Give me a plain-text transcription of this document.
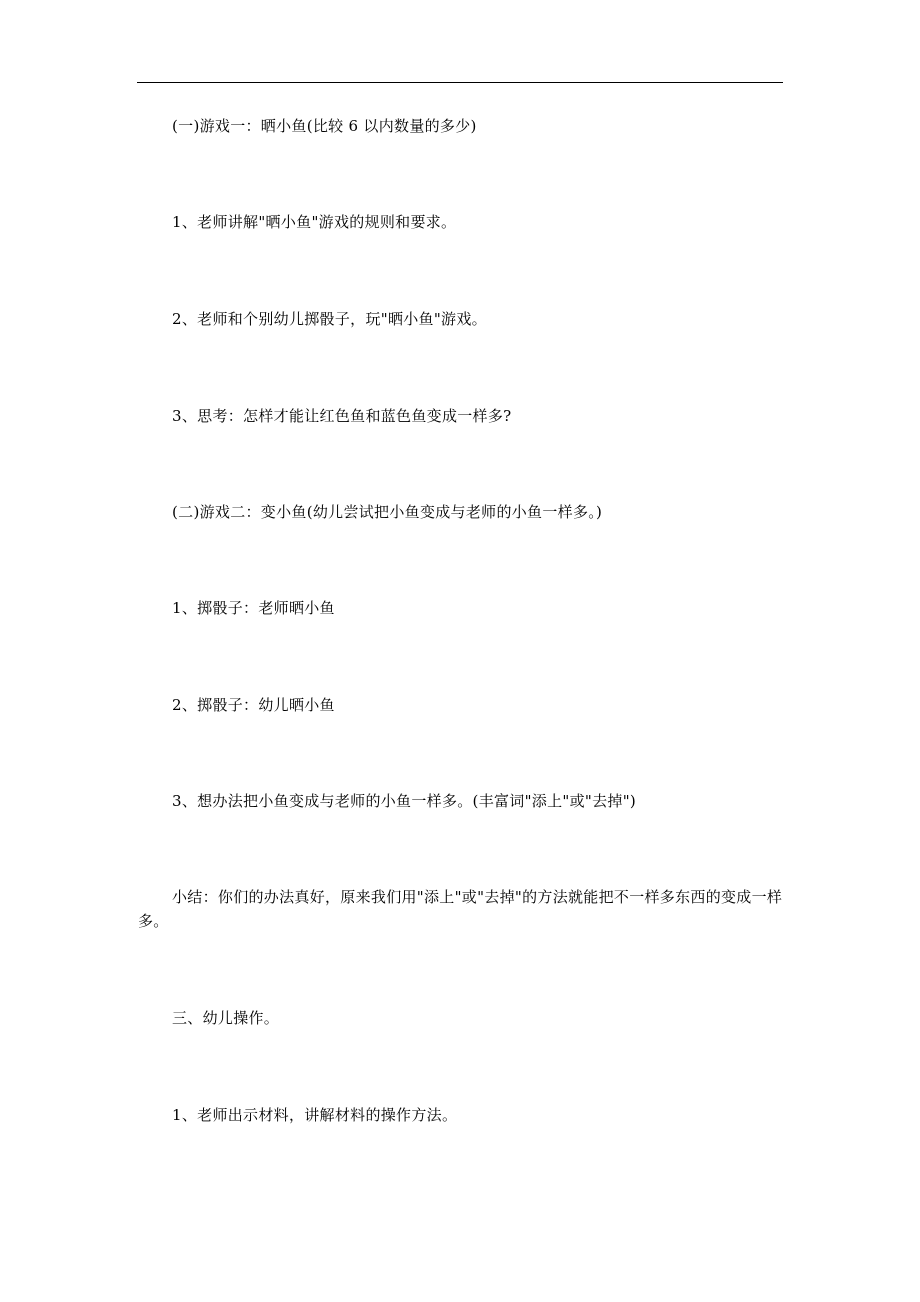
(一)游戏一：晒小鱼(比较 6 以内数量的多少)
1、老师讲解"晒小鱼"游戏的规则和要求。
2、老师和个别幼儿掷骰子，玩"晒小鱼"游戏。
3、思考：怎样才能让红色鱼和蓝色鱼变成一样多?
(二)游戏二：变小鱼(幼儿尝试把小鱼变成与老师的小鱼一样多。)
1、掷骰子：老师晒小鱼
2、掷骰子：幼儿晒小鱼
3、想办法把小鱼变成与老师的小鱼一样多。(丰富词"添上"或"去掉")
小结：你们的办法真好，原来我们用"添上"或"去掉"的方法就能把不一样多东西的变成一样多。
三、幼儿操作。
1、老师出示材料，讲解材料的操作方法。
